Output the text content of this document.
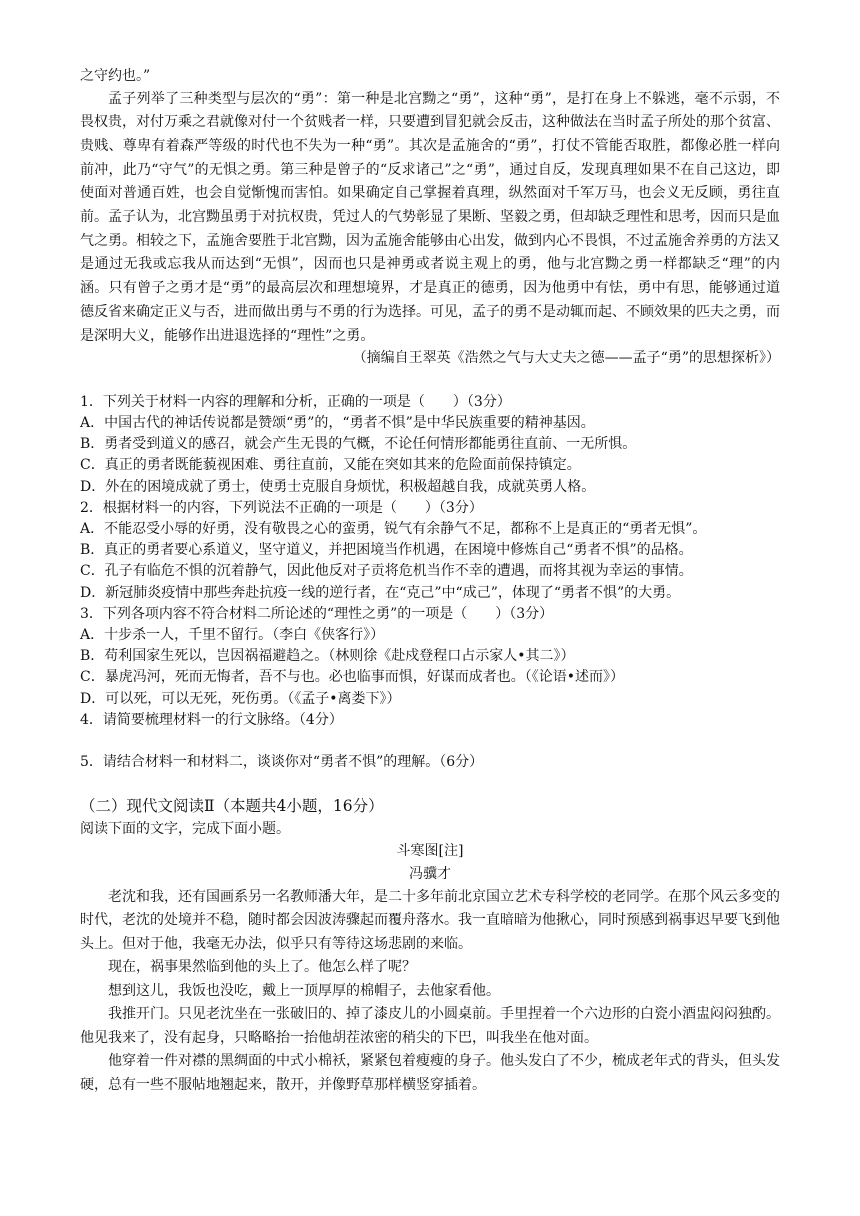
之守约也。”
孟子列举了三种类型与层次的“勇”：第一种是北宫黝之“勇”，这种“勇”，是打在身上不躲逃，毫不示弱，不畏权贵，对付万乘之君就像对付一个贫贱者一样，只要遭到冒犯就会反击，这种做法在当时孟子所处的那个贫富、贵贱、尊卑有着森严等级的时代也不失为一种“勇”。其次是孟施舍的“勇”，打仗不管能否取胜，都像必胜一样向前冲，此乃“守气”的无惧之勇。第三种是曾子的“反求诸己”之“勇”，通过自反，发现真理如果不在自己这边，即使面对普通百姓，也会自觉惭愧而害怕。如果确定自己掌握着真理，纵然面对千军万马，也会义无反顾，勇往直前。孟子认为，北宫黝虽勇于对抗权贵，凭过人的气势彰显了果断、坚毅之勇，但却缺乏理性和思考，因而只是血气之勇。相较之下，孟施舍要胜于北宫黝，因为孟施舍能够由心出发，做到内心不畏惧，不过孟施舍养勇的方法又是通过无我或忘我从而达到“无惧”，因而也只是神勇或者说主观上的勇，他与北宫黝之勇一样都缺乏“理”的内涵。只有曾子之勇才是“勇”的最高层次和理想境界，才是真正的德勇，因为他勇中有怯，勇中有思，能够通过道德反省来确定正义与否，进而做出勇与不勇的行为选择。可见，孟子的勇不是动辄而起、不顾效果的匹夫之勇，而是深明大义，能够作出进退选择的“理性”之勇。
（摘编自王翠英《浩然之气与大丈夫之德——孟子“勇”的思想探析》）
1．下列关于材料一内容的理解和分析，正确的一项是（　　）（3分）
A．中国古代的神话传说都是赞颂“勇”的，“勇者不惧”是中华民族重要的精神基因。
B．勇者受到道义的感召，就会产生无畏的气概，不论任何情形都能勇往直前、一无所惧。
C．真正的勇者既能藐视困难、勇往直前，又能在突如其来的危险面前保持镇定。
D．外在的困境成就了勇士，使勇士克服自身烦忧，积极超越自我，成就英勇人格。
2．根据材料一的内容，下列说法不正确的一项是（　　）（3分）
A．不能忍受小辱的好勇，没有敬畏之心的蛮勇，锐气有余静气不足，都称不上是真正的“勇者无惧”。
B．真正的勇者要心系道义，坚守道义，并把困境当作机遇，在困境中修炼自己“勇者不惧”的品格。
C．孔子有临危不惧的沉着静气，因此他反对子贡将危机当作不幸的遭遇，而将其视为幸运的事情。
D．新冠肺炎疫情中那些奔赴抗疫一线的逆行者，在“克己”中“成己”，体现了“勇者不惧”的大勇。
3．下列各项内容不符合材料二所论述的“理性之勇”的一项是（　　）（3分）
A．十步杀一人，千里不留行。（李白《侠客行》）
B．苟利国家生死以，岂因祸福避趋之。（林则徐《赴戍登程口占示家人•其二》）
C．暴虎冯河，死而无悔者，吾不与也。必也临事而惧，好谋而成者也。（《论语•述而》）
D．可以死，可以无死，死伤勇。（《孟子•离娄下》）
4．请简要梳理材料一的行文脉络。（4分）
5．请结合材料一和材料二，谈谈你对“勇者不惧”的理解。（6分）
（二）现代文阅读Ⅱ（本题共4小题，16分）
阅读下面的文字，完成下面小题。
斗寒图[注]
冯骥才
老沈和我，还有国画系另一名教师潘大年，是二十多年前北京国立艺术专科学校的老同学。在那个风云多变的时代，老沈的处境并不稳，随时都会因波涛骤起而覆舟落水。我一直暗暗为他揪心，同时预感到祸事迟早要飞到他头上。但对于他，我毫无办法，似乎只有等待这场悲剧的来临。
现在，祸事果然临到他的头上了。他怎么样了呢？
想到这儿，我饭也没吃，戴上一顶厚厚的棉帽子，去他家看他。
我推开门。只见老沈坐在一张破旧的、掉了漆皮儿的小圆桌前。手里捏着一个六边形的白瓷小酒盅闷闷独酌。他见我来了，没有起身，只略略抬一抬他胡茬浓密的稍尖的下巴，叫我坐在他对面。
他穿着一件对襟的黑绸面的中式小棉袄，紧紧包着瘦瘦的身子。他头发白了不少，梳成老年式的背头，但头发硬，总有一些不服帖地翘起来，散开，并像野草那样横竖穿插着。
